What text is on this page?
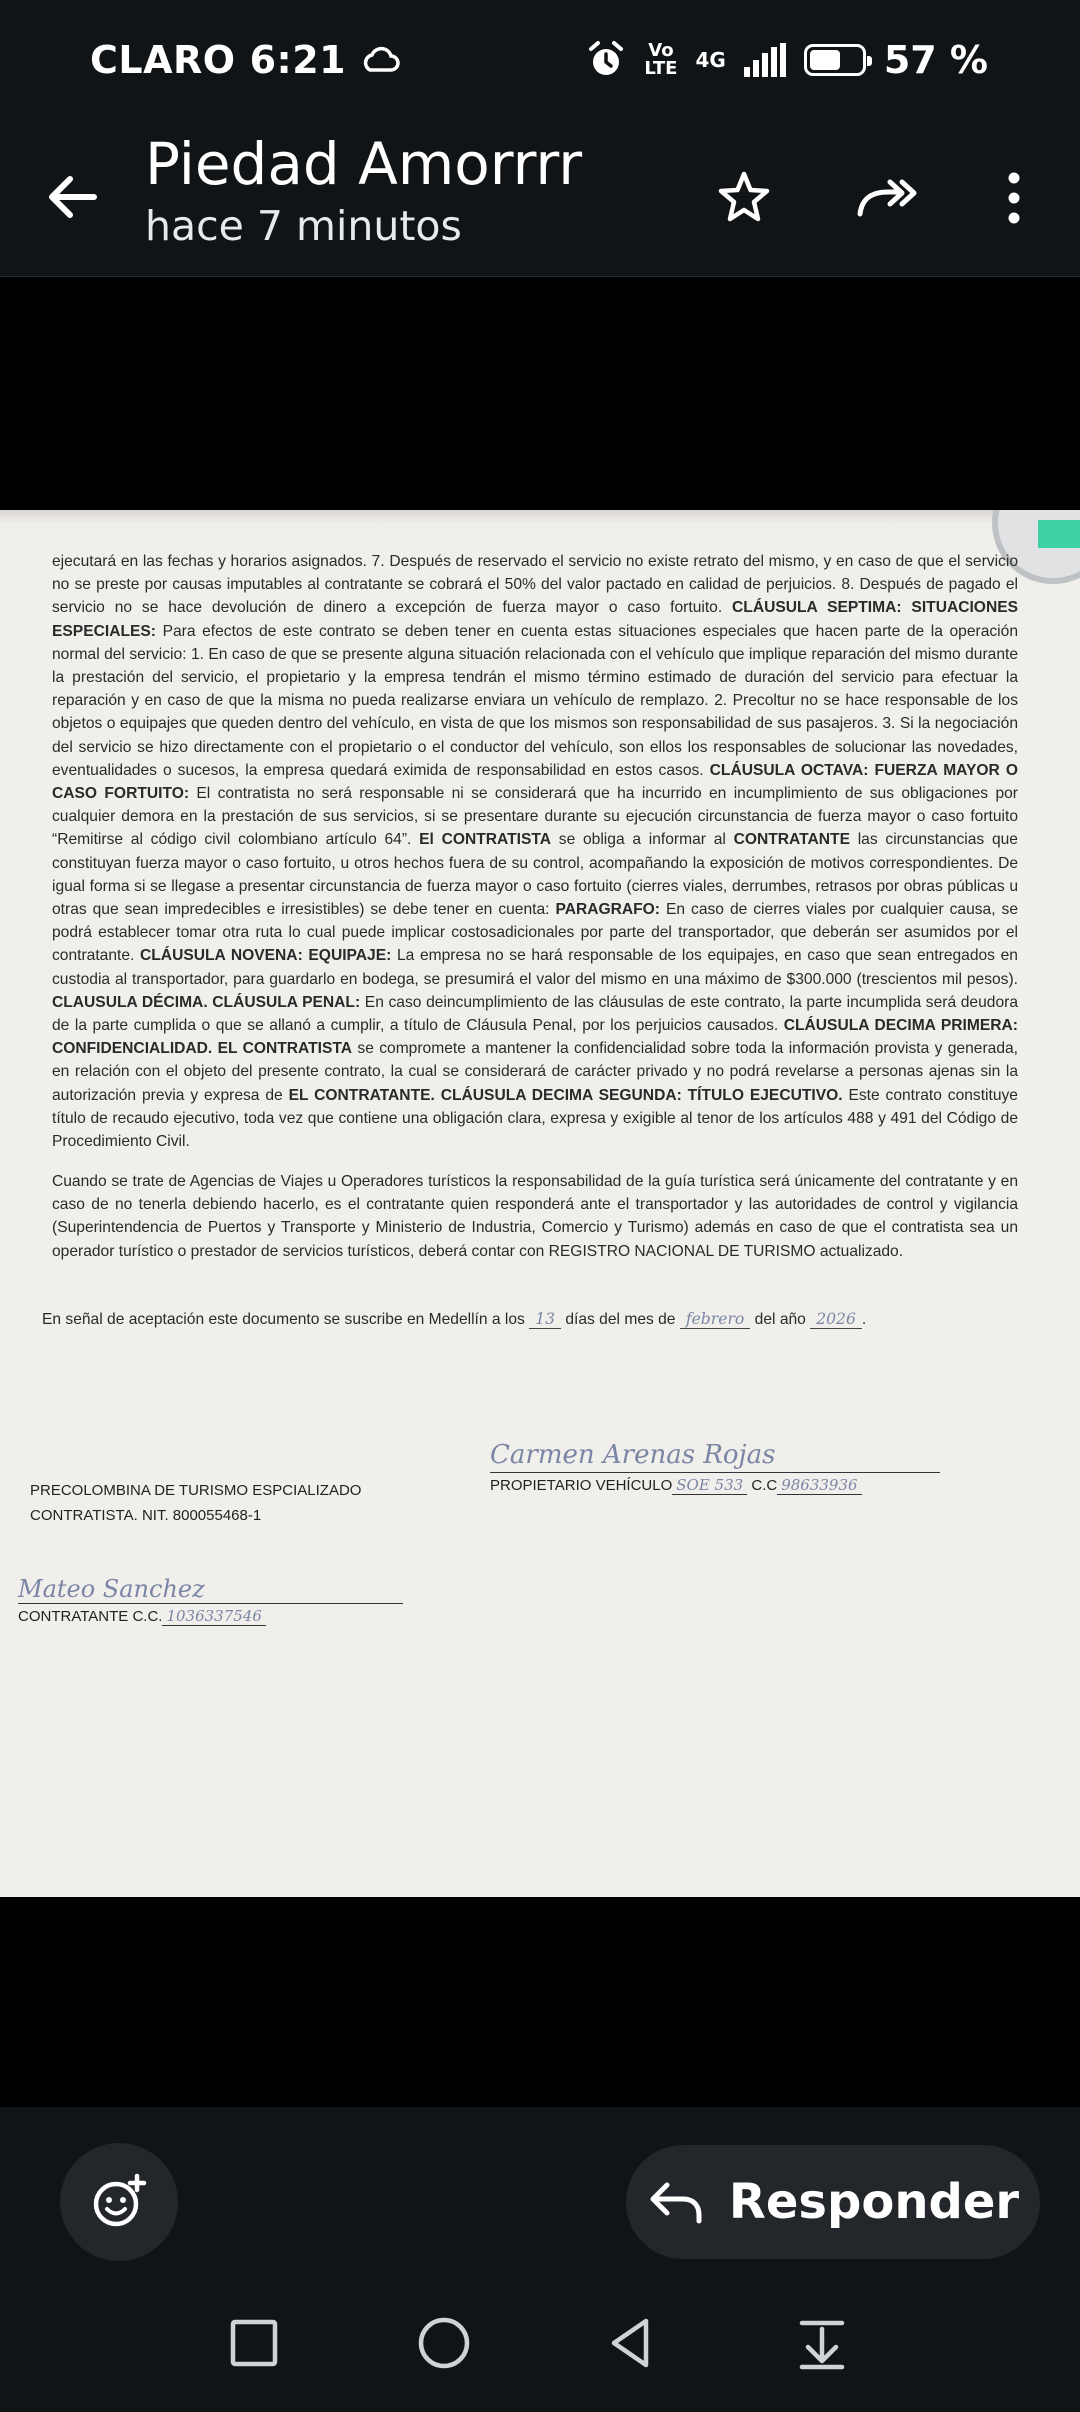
CLARO 6:21	Vo
LTE 4G	57 %
Piedad Amorrrr
hace 7 minutos

ejecutará en las fechas y horarios asignados. 7. Después de reservado el servicio no existe retrato del mismo, y en caso de que el servicio no se preste por causas imputables al contratante se cobrará el 50% del valor pactado en calidad de perjuicios. 8. Después de pagado el servicio no se hace devolución de dinero a excepción de fuerza mayor o caso fortuito. CLÁUSULA SEPTIMA: SITUACIONES ESPECIALES: Para efectos de este contrato se deben tener en cuenta estas situaciones especiales que hacen parte de la operación normal del servicio: 1. En caso de que se presente alguna situación relacionada con el vehículo que implique reparación del mismo durante la prestación del servicio, el propietario y la empresa tendrán el mismo término estimado de duración del servicio para efectuar la reparación y en caso de que la misma no pueda realizarse enviara un vehículo de remplazo. 2. Precoltur no se hace responsable de los objetos o equipajes que queden dentro del vehículo, en vista de que los mismos son responsabilidad de sus pasajeros. 3. Si la negociación del servicio se hizo directamente con el propietario o el conductor del vehículo, son ellos los responsables de solucionar las novedades, eventualidades o sucesos, la empresa quedará eximida de responsabilidad en estos casos. CLÁUSULA OCTAVA: FUERZA MAYOR O CASO FORTUITO: El contratista no será responsable ni se considerará que ha incurrido en incumplimiento de sus obligaciones por cualquier demora en la prestación de sus servicios, si se presentare durante su ejecución circunstancia de fuerza mayor o caso fortuito “Remitirse al código civil colombiano artículo 64”. El CONTRATISTA se obliga a informar al CONTRATANTE las circunstancias que constituyan fuerza mayor o caso fortuito, u otros hechos fuera de su control, acompañando la exposición de motivos correspondientes. De igual forma si se llegase a presentar circunstancia de fuerza mayor o caso fortuito (cierres viales, derrumbes, retrasos por obras públicas u otras que sean impredecibles e irresistibles) se debe tener en cuenta: PARAGRAFO: En caso de cierres viales por cualquier causa, se podrá establecer tomar otra ruta lo cual puede implicar costosadicionales por parte del transportador, que deberán ser asumidos por el contratante. CLÁUSULA NOVENA: EQUIPAJE: La empresa no se hará responsable de los equipajes, en caso que sean entregados en custodia al transportador, para guardarlo en bodega, se presumirá el valor del mismo en una máximo de $300.000 (trescientos mil pesos). CLAUSULA DÉCIMA. CLÁUSULA PENAL: En caso deincumplimiento de las cláusulas de este contrato, la parte incumplida será deudora de la parte cumplida o que se allanó a cumplir, a título de Cláusula Penal, por los perjuicios causados. CLÁUSULA DECIMA PRIMERA: CONFIDENCIALIDAD. EL CONTRATISTA se compromete a mantener la confidencialidad sobre toda la información provista y generada, en relación con el objeto del presente contrato, la cual se considerará de carácter privado y no podrá revelarse a personas ajenas sin la autorización previa y expresa de EL CONTRATANTE. CLÁUSULA DECIMA SEGUNDA: TÍTULO EJECUTIVO. Este contrato constituye título de recaudo ejecutivo, toda vez que contiene una obligación clara, expresa y exigible al tenor de los artículos 488 y 491 del Código de Procedimiento Civil.

Cuando se trate de Agencias de Viajes u Operadores turísticos la responsabilidad de la guía turística será únicamente del contratante y en caso de no tenerla debiendo hacerlo, es el contratante quien responderá ante el transportador y las autoridades de control y vigilancia (Superintendencia de Puertos y Transporte y Ministerio de Industria, Comercio y Turismo) además en caso de que el contratista sea un operador turístico o prestador de servicios turísticos, deberá contar con REGISTRO NACIONAL DE TURISMO actualizado.

En señal de aceptación este documento se suscribe en Medellín a los 13 días del mes de febrero del año 2026 .
PRECOLOMBINA DE TURISMO ESPCIALIZADO
CONTRATISTA. NIT. 800055468-1
Carmen Arenas Rojas
PROPIETARIO VEHÍCULO SOE 533 C.C 98633936
Mateo Sanchez
CONTRATANTE C.C. 1036337546
Responder
